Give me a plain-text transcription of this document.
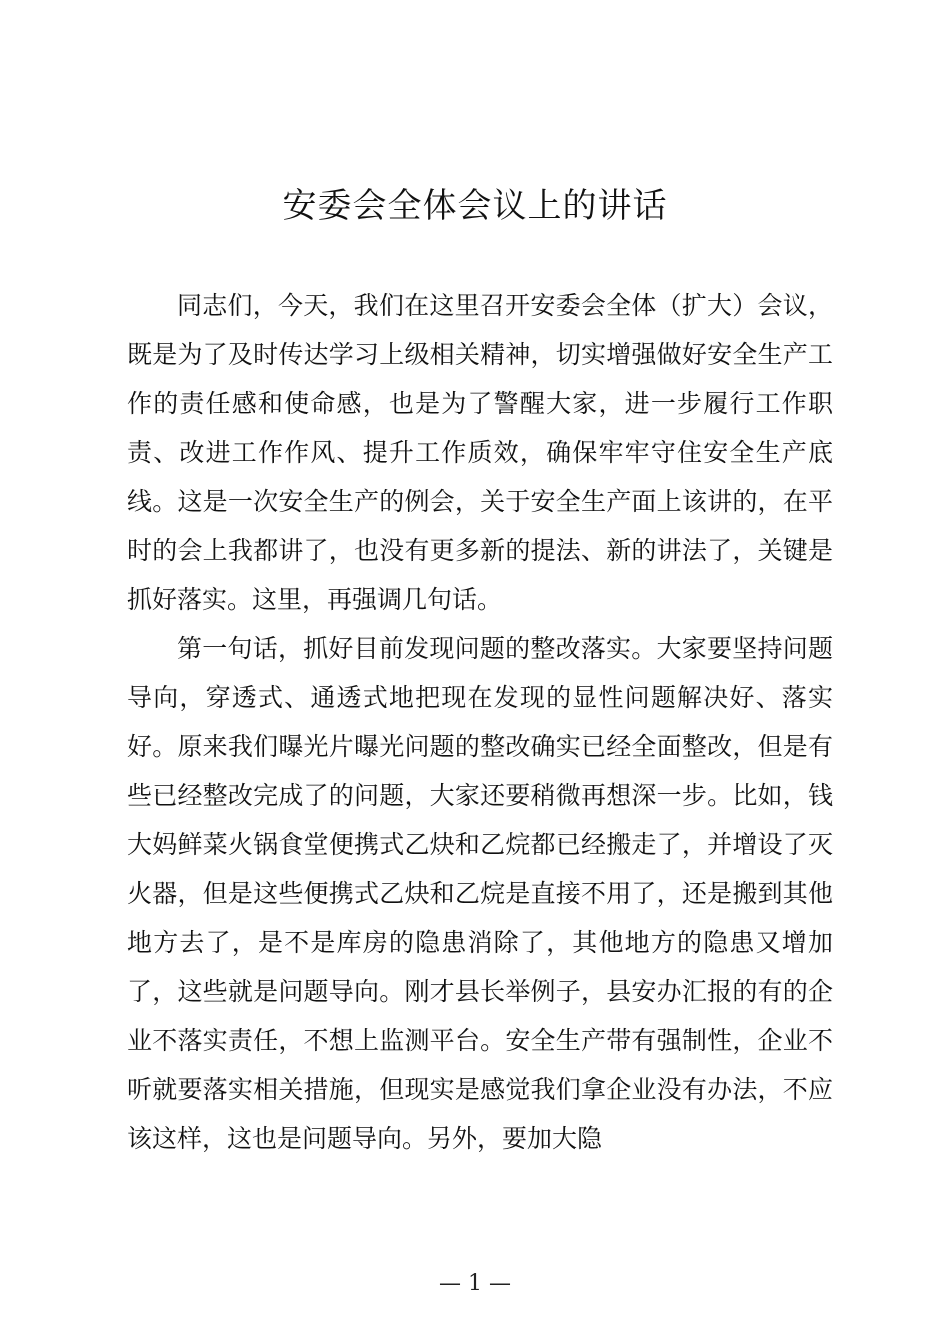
安委会全体会议上的讲话

同志们，今天，我们在这里召开安委会全体（扩大）会议，既是为了及时传达学习上级相关精神，切实增强做好安全生产工作的责任感和使命感，也是为了警醒大家，进一步履行工作职责、改进工作作风、提升工作质效，确保牢牢守住安全生产底线。这是一次安全生产的例会，关于安全生产面上该讲的，在平时的会上我都讲了，也没有更多新的提法、新的讲法了，关键是抓好落实。这里，再强调几句话。

第一句话，抓好目前发现问题的整改落实。大家要坚持问题导向，穿透式、通透式地把现在发现的显性问题解决好、落实好。原来我们曝光片曝光问题的整改确实已经全面整改，但是有些已经整改完成了的问题，大家还要稍微再想深一步。比如，钱大妈鲜菜火锅食堂便携式乙炔和乙烷都已经搬走了，并增设了灭火器，但是这些便携式乙炔和乙烷是直接不用了，还是搬到其他地方去了，是不是库房的隐患消除了，其他地方的隐患又增加了，这些就是问题导向。刚才县长举例子，县安办汇报的有的企业不落实责任，不想上监测平台。安全生产带有强制性，企业不听就要落实相关措施，但现实是感觉我们拿企业没有办法，不应该这样，这也是问题导向。另外，要加大隐

— 1 —
